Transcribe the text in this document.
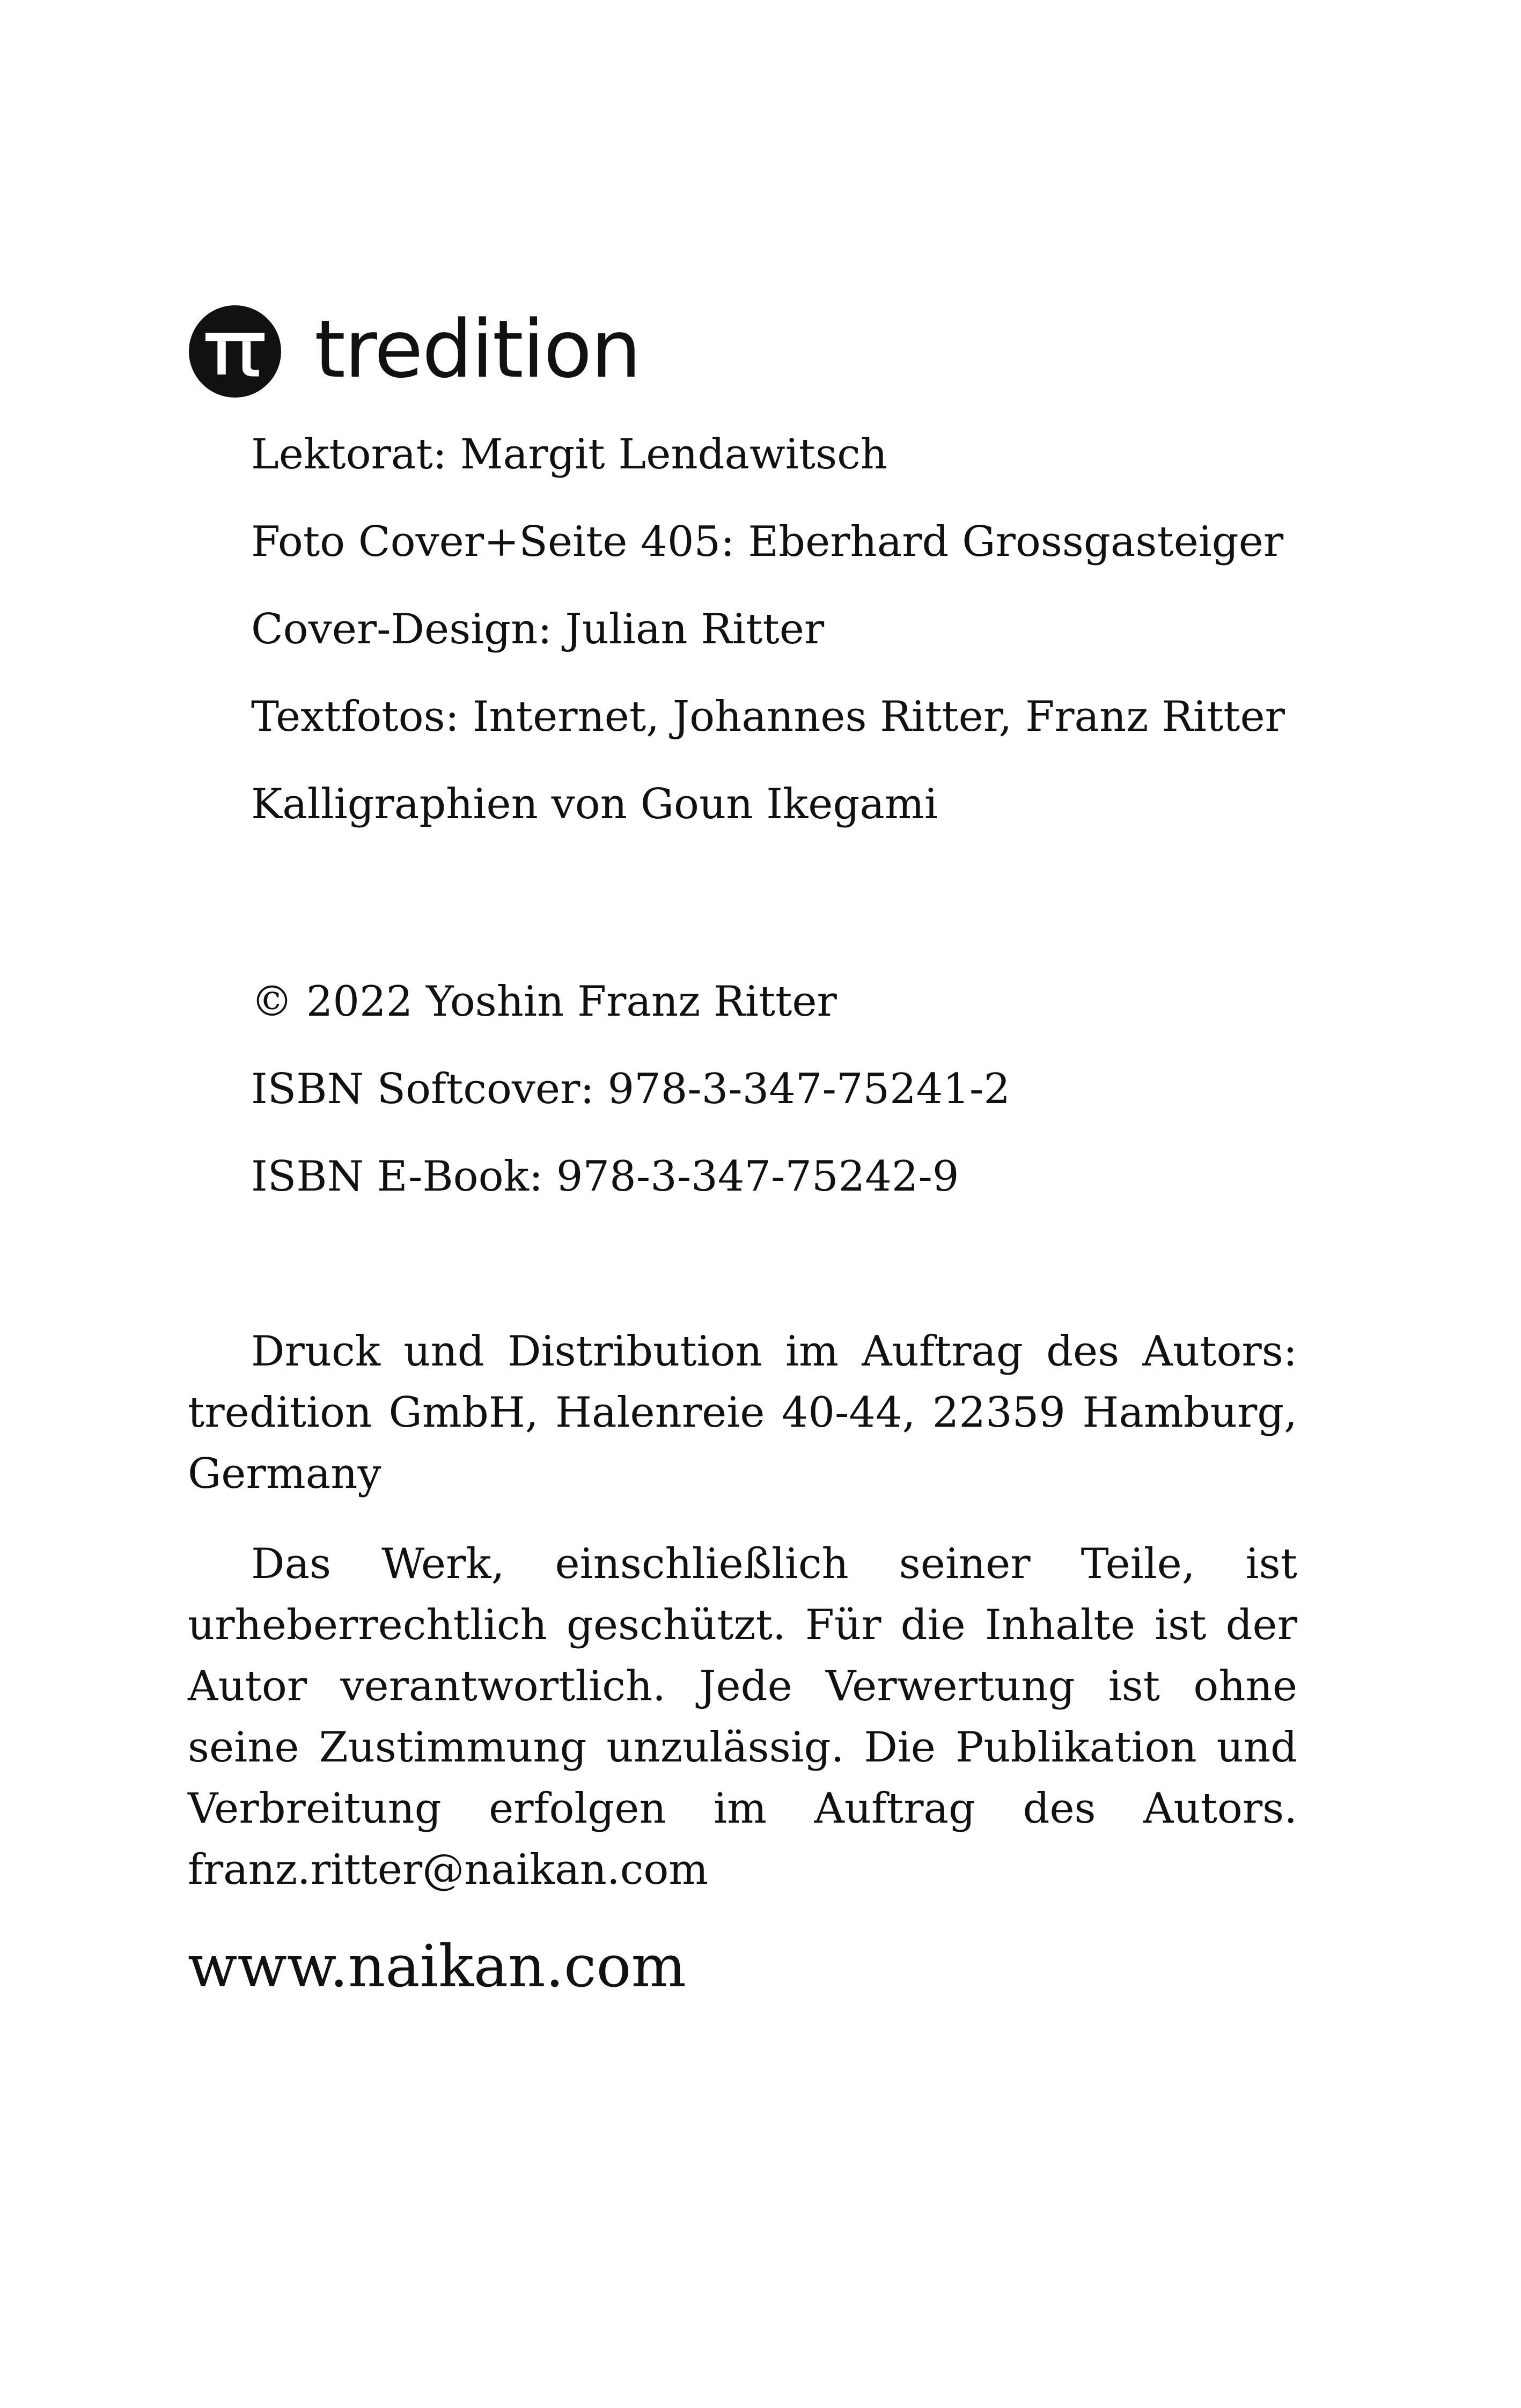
tredition
Lektorat: Margit Lendawitsch
Foto Cover+Seite 405: Eberhard Grossgasteiger
Cover-Design: Julian Ritter
Textfotos: Internet, Johannes Ritter, Franz Ritter
Kalligraphien von Goun Ikegami
© 2022 Yoshin Franz Ritter
ISBN Softcover: 978-3-347-75241-2
ISBN E-Book: 978-3-347-75242-9

Druck und Distribution im Auftrag des Autors: tredition GmbH, Halenreie 40-44, 22359 Hamburg, Germany

Das Werk, einschließlich seiner Teile, ist urheberrechtlich geschützt. Für die Inhalte ist der Autor verantwortlich. Jede Verwertung ist ohne seine Zustimmung unzulässig. Die Publikation und Verbreitung erfolgen im Auftrag des Autors. franz.ritter@naikan.com

www.naikan.com
